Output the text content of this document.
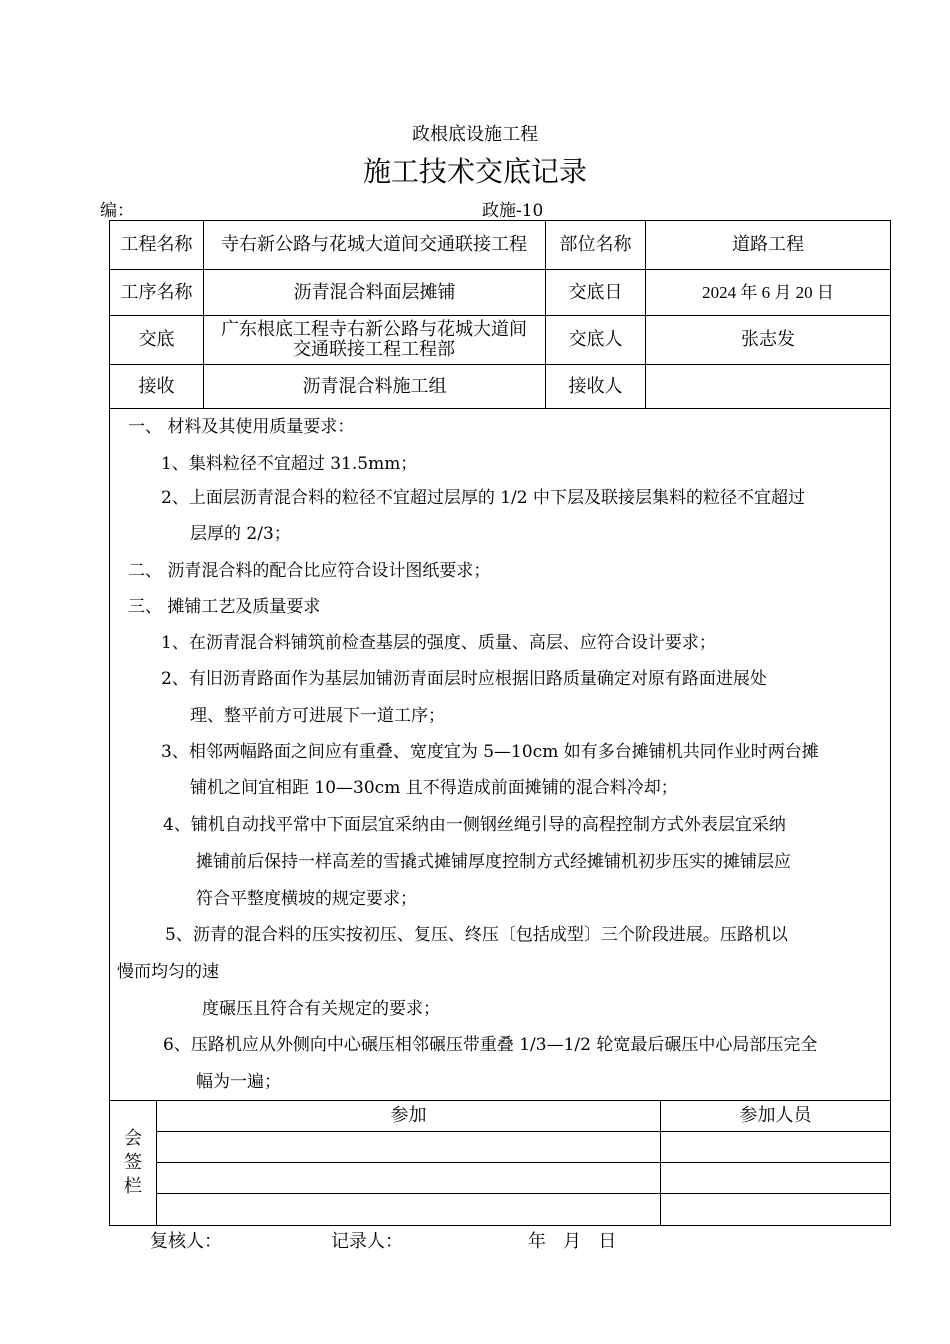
政根底设施工程
施工技术交底记录
编：	政施-10
工程名称	寺右新公路与花城大道间交通联接工程	部位名称	道路工程
工序名称	沥青混合料面层摊铺	交底日	2024 年 6 月 20 日
交底	广东根底工程寺右新公路与花城大道间交通联接工程工程部	交底人	张志发
接收	沥青混合料施工组	接收人
一、 材料及其使用质量要求：
1、集料粒径不宜超过 31.5mm；
2、上面层沥青混合料的粒径不宜超过层厚的 1/2 中下层及联接层集料的粒径不宜超过
层厚的 2/3；
二、 沥青混合料的配合比应符合设计图纸要求；
三、 摊铺工艺及质量要求
1、在沥青混合料铺筑前检查基层的强度、质量、高层、应符合设计要求；
2、有旧沥青路面作为基层加铺沥青面层时应根据旧路质量确定对原有路面进展处
理、整平前方可进展下一道工序；
3、相邻两幅路面之间应有重叠、宽度宜为 5—10cm 如有多台摊铺机共同作业时两台摊
铺机之间宜相距 10—30cm 且不得造成前面摊铺的混合料冷却；
4、铺机自动找平常中下面层宜采纳由一侧钢丝绳引导的高程控制方式外表层宜采纳
摊铺前后保持一样高差的雪撬式摊铺厚度控制方式经摊铺机初步压实的摊铺层应
符合平整度横坡的规定要求；
5、沥青的混合料的压实按初压、复压、终压〔包括成型〕三个阶段进展。压路机以
慢而均匀的速
度碾压且符合有关规定的要求；
6、压路机应从外侧向中心碾压相邻碾压带重叠 1/3—1/2 轮宽最后碾压中心局部压完全
幅为一遍；
会
签
栏
参加	参加人员
复核人：	记录人：	年   月   日
